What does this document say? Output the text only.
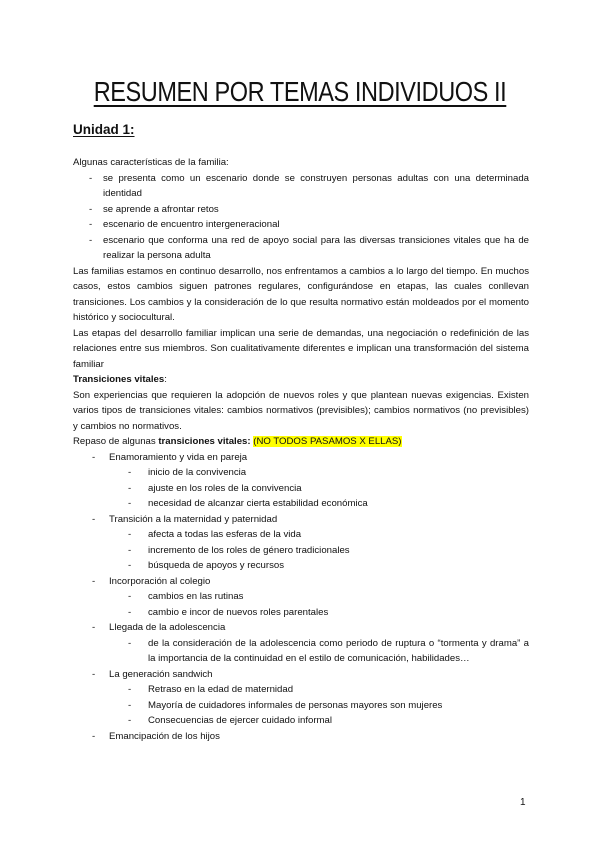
RESUMEN POR TEMAS INDIVIDUOS II
Unidad 1:

Algunas características de la familia:

- se presenta como un escenario donde se construyen personas adultas con una determinada identidad
- se aprende a afrontar retos
- escenario de encuentro intergeneracional
- escenario que conforma una red de apoyo social para las diversas transiciones vitales que ha de realizar la persona adulta

Las familias estamos en continuo desarrollo, nos enfrentamos a cambios a lo largo del tiempo. En muchos casos, estos cambios siguen patrones regulares, configurándose en etapas, las cuales conllevan transiciones. Los cambios y la consideración de lo que resulta normativo están moldeados por el momento histórico y sociocultural.

Las etapas del desarrollo familiar implican una serie de demandas, una negociación o redefinición de las relaciones entre sus miembros. Son cualitativamente diferentes e implican una transformación del sistema familiar

Transiciones vitales:

Son experiencias que requieren la adopción de nuevos roles y que plantean nuevas exigencias. Existen varios tipos de transiciones vitales: cambios normativos (previsibles); cambios normativos (no previsibles) y cambios no normativos.

Repaso de algunas transiciones vitales: (NO TODOS PASAMOS X ELLAS)

- Enamoramiento y vida en pareja
- inicio de la convivencia
- ajuste en los roles de la convivencia
- necesidad de alcanzar cierta estabilidad económica
- Transición a la maternidad y paternidad
- afecta a todas las esferas de la vida
- incremento de los roles de género tradicionales
- búsqueda de apoyos y recursos
- Incorporación al colegio
- cambios en las rutinas
- cambio e incor de nuevos roles parentales
- Llegada de la adolescencia
- de la consideración de la adolescencia como periodo de ruptura o “tormenta y drama” a la importancia de la continuidad en el estilo de comunicación, habilidades…
- La generación sandwich
- Retraso en la edad de maternidad
- Mayoría de cuidadores informales de personas mayores son mujeres
- Consecuencias de ejercer cuidado informal
- Emancipación de los hijos
1
